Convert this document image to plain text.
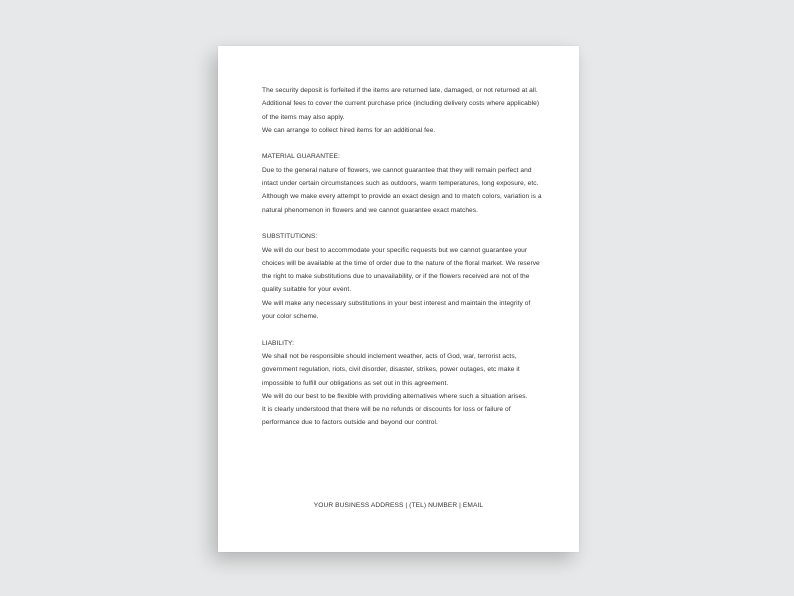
The security deposit is forfeited if the items are returned late, damaged, or not returned at all. Additional fees to cover the current purchase price (including delivery costs where applicable) of the items may also apply.

We can arrange to collect hired items for an additional fee.

MATERIAL GUARANTEE:

Due to the general nature of flowers, we cannot guarantee that they will remain perfect and intact under certain circumstances such as outdoors, warm temperatures, long exposure, etc.

Although we make every attempt to provide an exact design and to match colors, variation is a natural phenomenon in flowers and we cannot guarantee exact matches.

SUBSTITUTIONS:

We will do our best to accommodate your specific requests but we cannot guarantee your choices will be available at the time of order due to the nature of the floral market. We reserve the right to make substitutions due to unavailability, or if the flowers received are not of the quality suitable for your event.

We will make any necessary substitutions in your best interest and maintain the integrity of your color scheme.

LIABILITY:

We shall not be responsible should inclement weather, acts of God, war, terrorist acts, government regulation, riots, civil disorder, disaster, strikes, power outages, etc make it impossible to fulfill our obligations as set out in this agreement.

We will do our best to be flexible with providing alternatives where such a situation arises.

It is clearly understood that there will be no refunds or discounts for loss or failure of performance due to factors outside and beyond our control.

YOUR BUSINESS ADDRESS | (TEL) NUMBER | EMAIL
